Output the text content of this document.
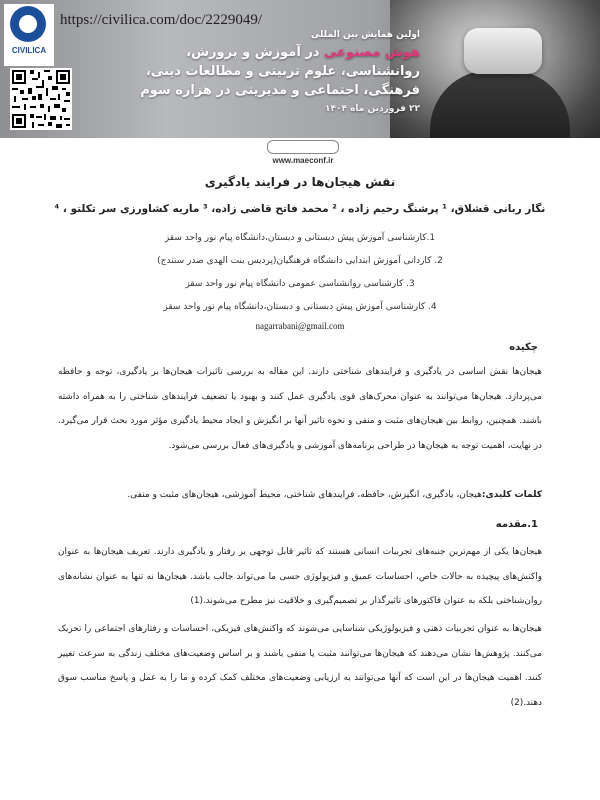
اولین همایش بین المللی
هوش مصنوعی در آموزش و پرورش،
روانشناسی، علوم تربیتی و مطالعات دینی،
فرهنگی، اجتماعی و مدیریتی در هزاره سوم
۲۲ فروردین ماه ۱۴۰۴
CIVILICA
https://civilica.com/doc/2229049/
www.maeconf.ir
نقش هیجان‌ها در فرایند یادگیری
نگار ربانی قشلاق، ¹ پرشنگ رحیم زاده ، ² محمد فاتح قاضی زاده، ³ ماریه کشاورزی سر تکلتو ، ⁴
1.کارشناسی آموزش پیش دبستانی و دبستان،دانشگاه پیام نور واحد سقز
2. کاردانی آموزش ابتدایی دانشگاه فرهنگیان(پردیس بنت الهدی صدر سنندج)
3. کارشناسی روانشناسی عمومی دانشگاه پیام نور واحد سقز
4. کارشناسی آموزش پیش دبستانی و دبستان،دانشگاه پیام نور واحد سقز
nagarrabani@gmail.com
چکیده
هیجان‌ها نقش اساسی در یادگیری و فرایندهای شناختی دارند. این مقاله به بررسی تاثیرات هیجان‌ها بر یادگیری، توجه و حافظه می‌پردازد. هیجان‌ها می‌توانند به عنوان محرک‌های قوی یادگیری عمل کنند و بهبود یا تضعیف فرایندهای شناختی را به همراه داشته باشند. همچنین، روابط بین هیجان‌های مثبت و منفی و نحوه تاثیر آنها بر انگیزش و ایجاد محیط یادگیری مؤثر مورد بحث قرار می‌گیرد. در نهایت، اهمیت توجه به هیجان‌ها در طراحی برنامه‌های آموزشی و یادگیری‌های فعال بررسی می‌شود.
کلمات کلیدی:هیجان، یادگیری، انگیزش، حافظه، فرایندهای شناختی، محیط آموزشی، هیجان‌های مثبت و منفی.
1.مقدمه
هیجان‌ها یکی از مهم‌ترین جنبه‌های تجربیات انسانی هستند که تاثیر قابل توجهی بر رفتار و یادگیری دارند. تعریف هیجان‌ها به عنوان واکنش‌های پیچیده به حالات خاص، احساسات عمیق و فیزیولوژی حسی ما می‌تواند جالب باشد. هیجان‌ها نه تنها به عنوان نشانه‌های روان‌شناختی بلکه به عنوان فاکتورهای تاثیرگذار بر تصمیم‌گیری و خلاقیت نیز مطرح می‌شوند.(1)
هیجان‌ها به عنوان تجربیات ذهنی و فیزیولوژیکی شناسایی می‌شوند که واکنش‌های فیزیکی، احساسات و رفتارهای اجتماعی را تحریک می‌کنند. پژوهش‌ها نشان می‌دهند که هیجان‌ها می‌توانند مثبت یا منفی باشند و بر اساس وضعیت‌های مختلف زندگی به سرعت تغییر کنند. اهمیت هیجان‌ها در این است که آنها می‌توانند به ارزیابی وضعیت‌های مختلف کمک کرده و ما را به عمل و پاسخ مناسب سوق دهند.(2)
